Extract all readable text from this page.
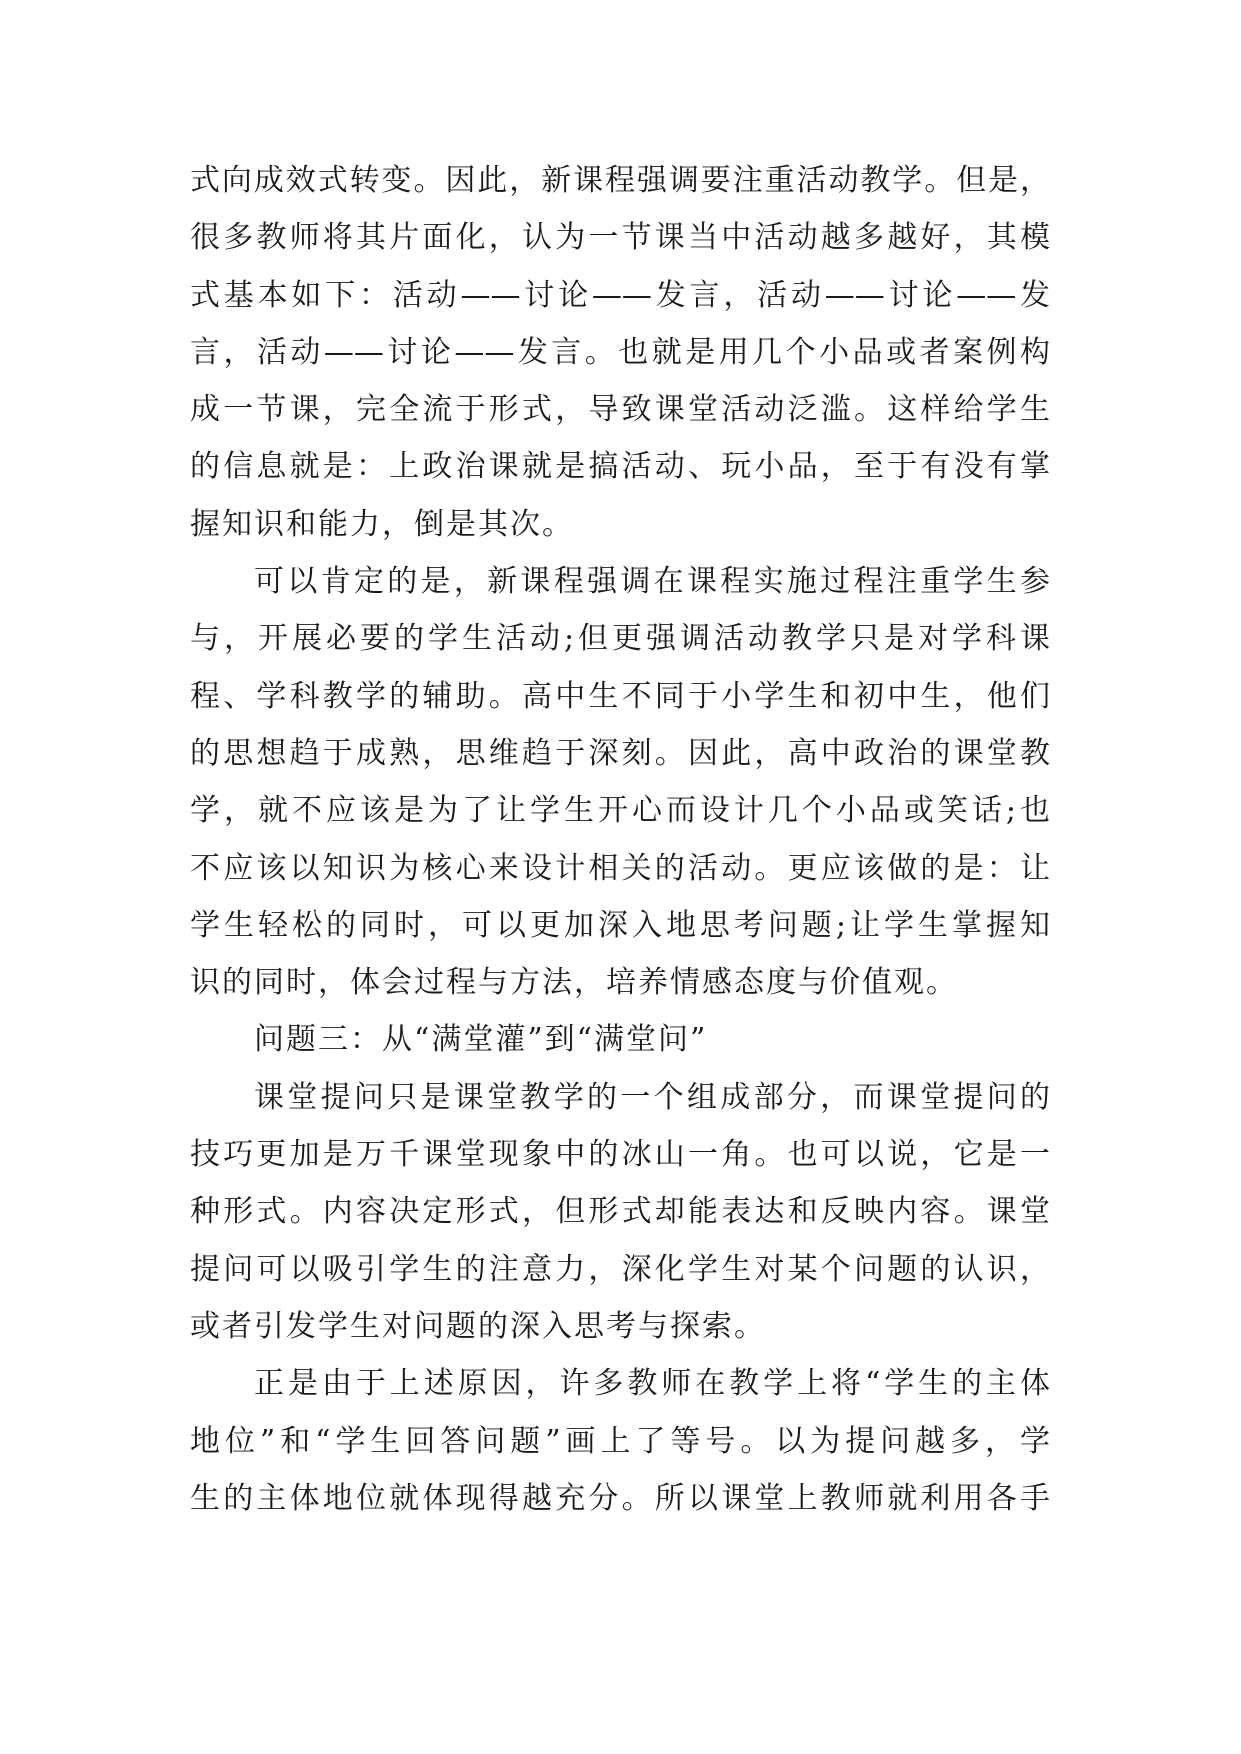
式向成效式转变。因此，新课程强调要注重活动教学。但是，
很多教师将其片面化，认为一节课当中活动越多越好，其模
式基本如下：活动——讨论——发言，活动——讨论——发
言，活动——讨论——发言。也就是用几个小品或者案例构
成一节课，完全流于形式，导致课堂活动泛滥。这样给学生
的信息就是：上政治课就是搞活动、玩小品，至于有没有掌
握知识和能力，倒是其次。
可以肯定的是，新课程强调在课程实施过程注重学生参
与，开展必要的学生活动;但更强调活动教学只是对学科课
程、学科教学的辅助。高中生不同于小学生和初中生，他们
的思想趋于成熟，思维趋于深刻。因此，高中政治的课堂教
学，就不应该是为了让学生开心而设计几个小品或笑话;也
不应该以知识为核心来设计相关的活动。更应该做的是：让
学生轻松的同时，可以更加深入地思考问题;让学生掌握知
识的同时，体会过程与方法，培养情感态度与价值观。
问题三：从“满堂灌”到“满堂问”
课堂提问只是课堂教学的一个组成部分，而课堂提问的
技巧更加是万千课堂现象中的冰山一角。也可以说，它是一
种形式。内容决定形式，但形式却能表达和反映内容。课堂
提问可以吸引学生的注意力，深化学生对某个问题的认识，
或者引发学生对问题的深入思考与探索。
正是由于上述原因，许多教师在教学上将“学生的主体
地位”和“学生回答问题”画上了等号。以为提问越多，学
生的主体地位就体现得越充分。所以课堂上教师就利用各手
